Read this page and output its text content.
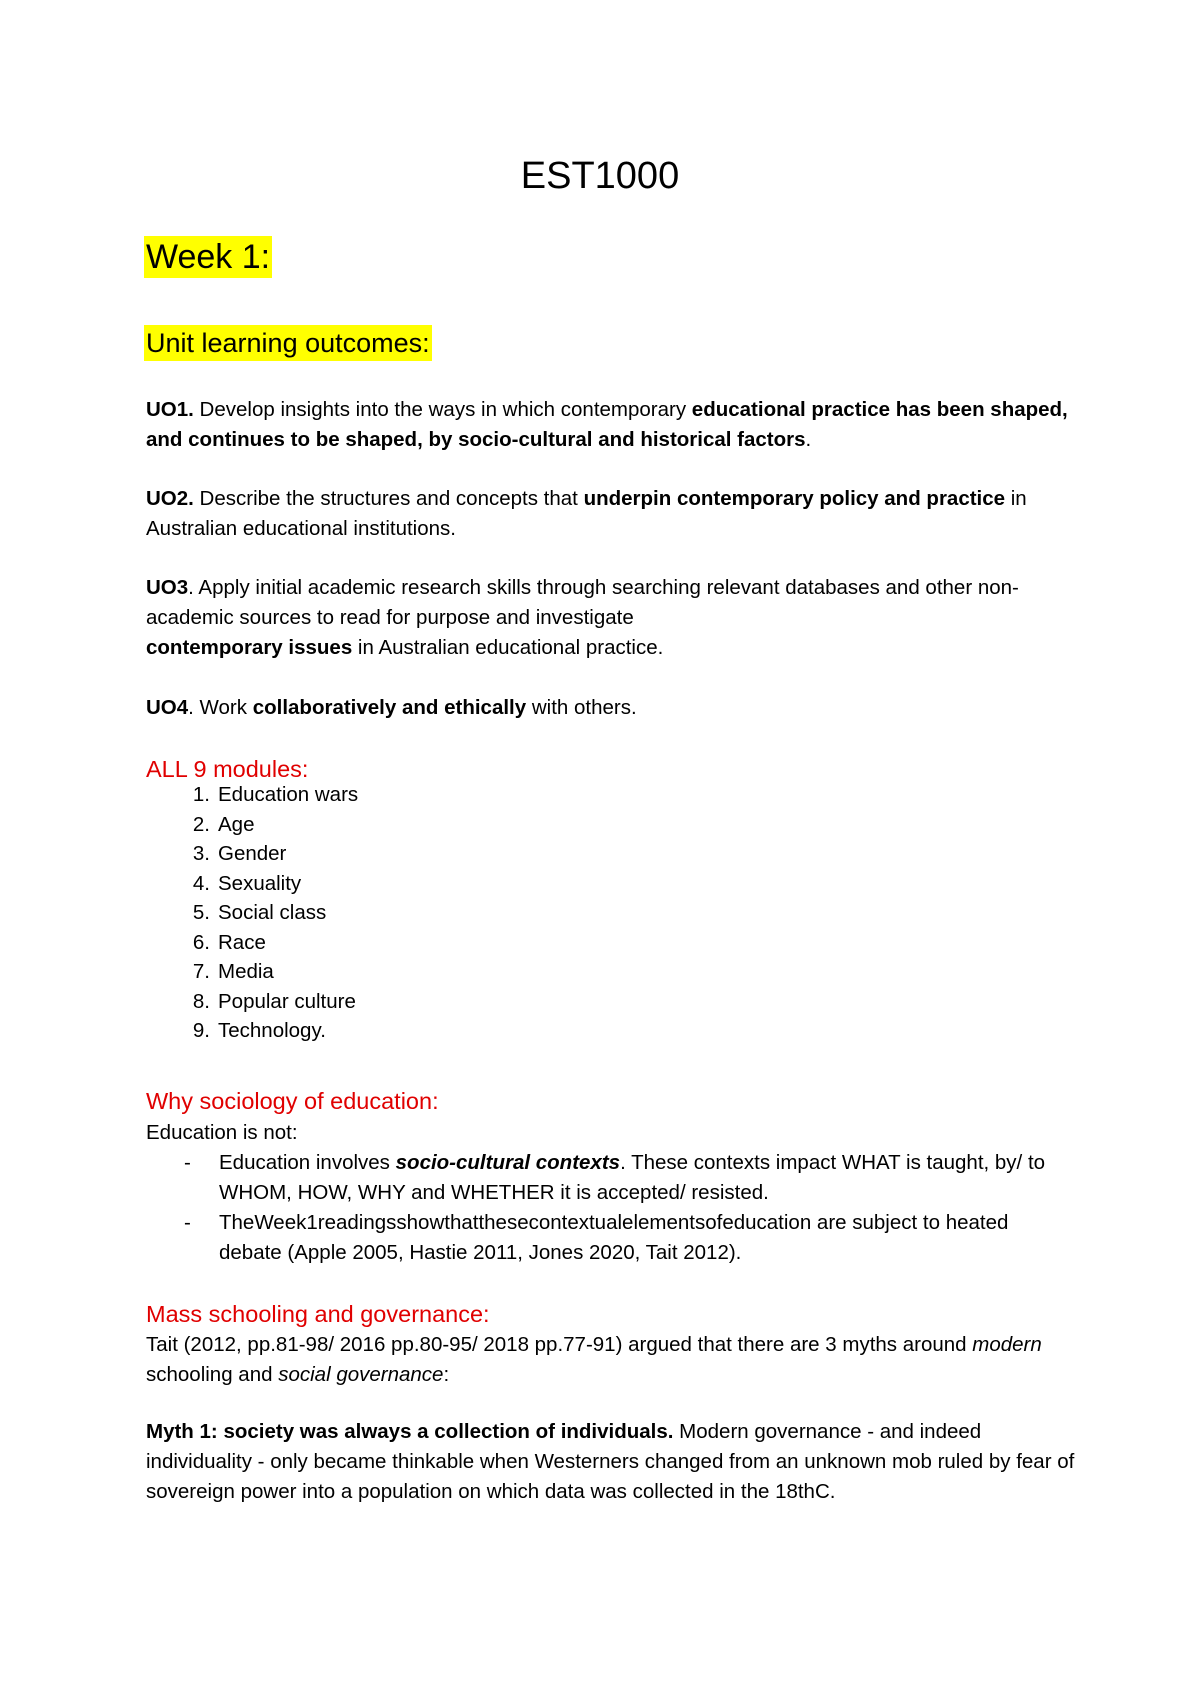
EST1000
Week 1:
Unit learning outcomes:

UO1. Develop insights into the ways in which contemporary educational practice has been shaped, and continues to be shaped, by socio-cultural and historical factors.

UO2. Describe the structures and concepts that underpin contemporary policy and practice in Australian educational institutions.

UO3. Apply initial academic research skills through searching relevant databases and other non-academic sources to read for purpose and investigate
contemporary issues in Australian educational practice.

UO4. Work collaboratively and ethically with others.

ALL 9 modules:
1. Education wars
2. Age
3. Gender
4. Sexuality
5. Social class
6. Race
7. Media
8. Popular culture
9. Technology.
Why sociology of education:

Education is not:

-	Education involves socio-cultural contexts. These contexts impact WHAT is taught, by/ to WHOM, HOW, WHY and WHETHER it is accepted/ resisted.
-	TheWeek1readingsshowthatthesecontextualelementsofeducation are subject to heated debate (Apple 2005, Hastie 2011, Jones 2020, Tait 2012).
Mass schooling and governance:

Tait (2012, pp.81-98/ 2016 pp.80-95/ 2018 pp.77-91) argued that there are 3 myths around modern schooling and social governance:

Myth 1: society was always a collection of individuals. Modern governance - and indeed individuality - only became thinkable when Westerners changed from an unknown mob ruled by fear of sovereign power into a population on which data was collected in the 18thC.
